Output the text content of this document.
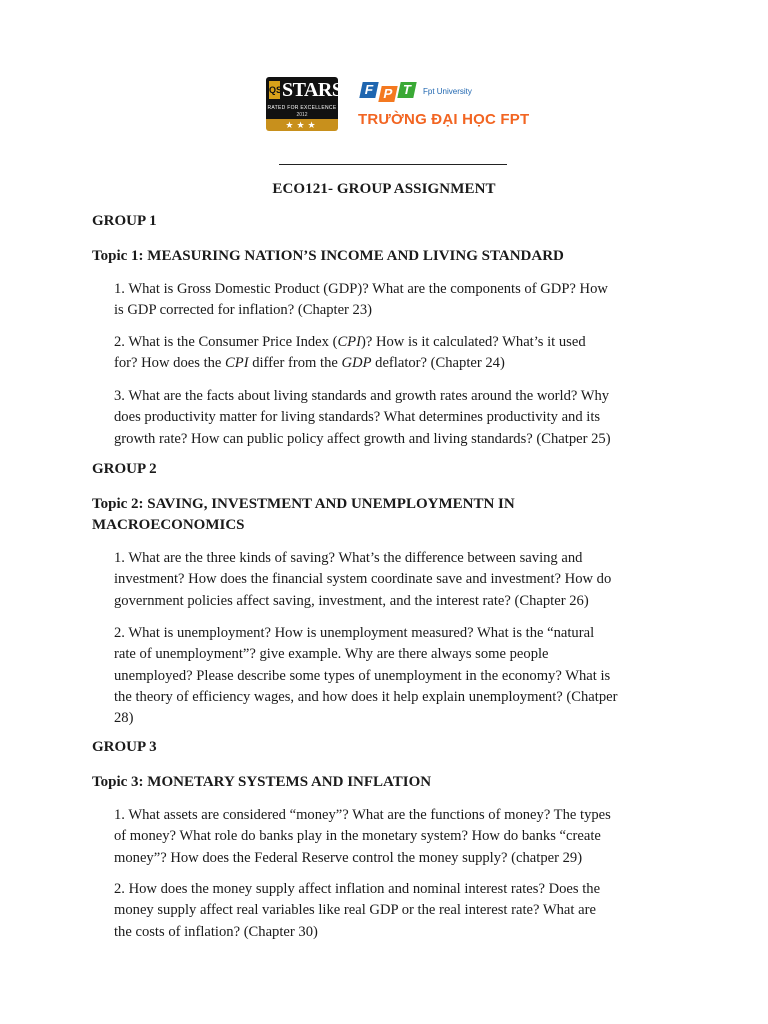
QS STARS
RATED FOR EXCELLENCE
2012
★★★
F P T	Fpt University
TRƯỜNG ĐẠI HỌC FPT
ECO121- GROUP ASSIGNMENT
GROUP 1
Topic 1: MEASURING NATION’S INCOME AND LIVING STANDARD
1. What is Gross Domestic Product (GDP)? What are the components of GDP? How
is GDP corrected for inflation? (Chapter 23)
2. What is the Consumer Price Index (CPI)? How is it calculated? What’s it used
for? How does the CPI differ from the GDP deflator? (Chapter 24)
3. What are the facts about living standards and growth rates around the world? Why
does productivity matter for living standards? What determines productivity and its
growth rate? How can public policy affect growth and living standards? (Chatper 25)
GROUP 2
Topic 2: SAVING, INVESTMENT AND UNEMPLOYMENTN IN
MACROECONOMICS
1. What are the three kinds of saving? What’s the difference between saving and
investment? How does the financial system coordinate save and investment? How do
government policies affect saving, investment, and the interest rate? (Chapter 26)
2. What is unemployment? How is unemployment measured? What is the “natural
rate of unemployment”? give example. Why are there always some people
unemployed? Please describe some types of unemployment in the economy? What is
the theory of efficiency wages, and how does it help explain unemployment? (Chatper
28)
GROUP 3
Topic 3: MONETARY SYSTEMS AND INFLATION
1. What assets are considered “money”? What are the functions of money? The types
of money? What role do banks play in the monetary system? How do banks “create
money”? How does the Federal Reserve control the money supply? (chatper 29)
2. How does the money supply affect inflation and nominal interest rates? Does the
money supply affect real variables like real GDP or the real interest rate? What are
the costs of inflation? (Chapter 30)
